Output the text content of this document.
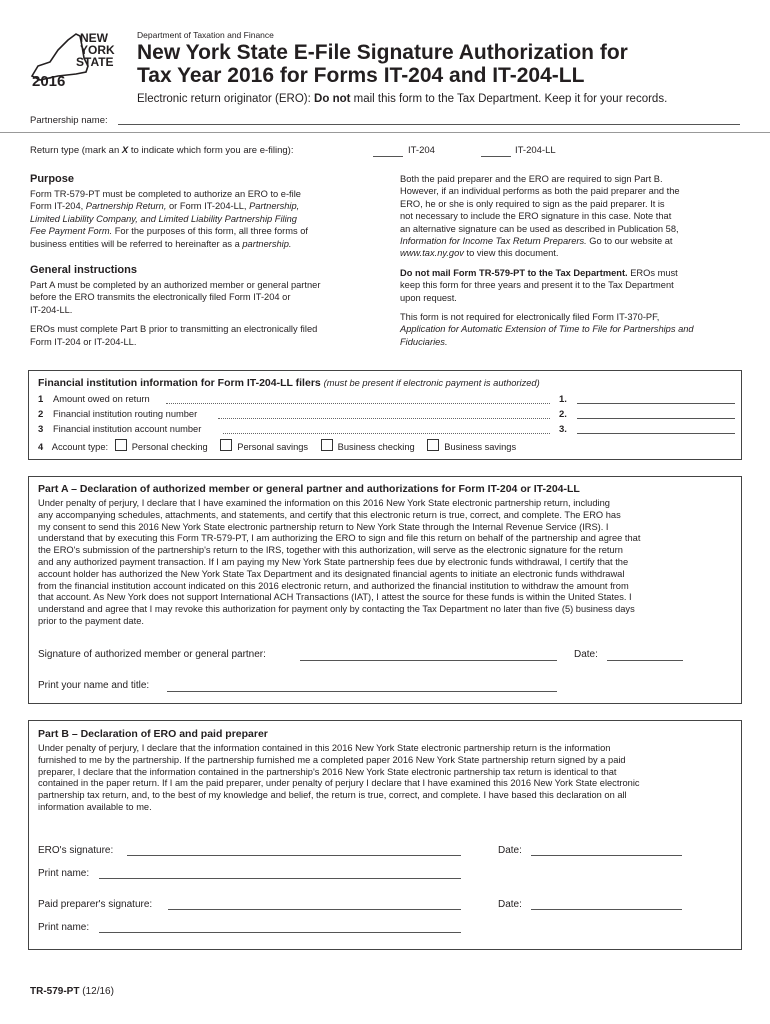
NEW
YORK
STATE
2016
Department of Taxation and Finance
New York State E-File Signature Authorization for
Tax Year 2016 for Forms IT-204 and IT-204-LL
Electronic return originator (ERO): Do not mail this form to the Tax Department. Keep it for your records.
Partnership name:
Return type (mark an X to indicate which form you are e-filing):	IT-204	IT-204-LL
Purpose
Form TR-579-PT must be completed to authorize an ERO to e-file
Form IT-204, Partnership Return, or Form IT-204-LL, Partnership,
Limited Liability Company, and Limited Liability Partnership Filing
Fee Payment Form. For the purposes of this form, all three forms of
business entities will be referred to hereinafter as a partnership.
General instructions
Part A must be completed by an authorized member or general partner
before the ERO transmits the electronically filed Form IT-204 or
IT-204-LL.
EROs must complete Part B prior to transmitting an electronically filed
Form IT-204 or IT-204-LL.
Both the paid preparer and the ERO are required to sign Part B.
However, if an individual performs as both the paid preparer and the
ERO, he or she is only required to sign as the paid preparer. It is
not necessary to include the ERO signature in this case. Note that
an alternative signature can be used as described in Publication 58,
Information for Income Tax Return Preparers. Go to our website at
www.tax.ny.gov to view this document.
Do not mail Form TR-579-PT to the Tax Department. EROs must
keep this form for three years and present it to the Tax Department
upon request.
This form is not required for electronically filed Form IT-370-PF,
Application for Automatic Extension of Time to File for Partnerships and
Fiduciaries.
Financial institution information for Form IT-204-LL filers (must be present if electronic payment is authorized)
1 Amount owed on return	1.
2 Financial institution routing number	2.
3 Financial institution account number	3.
4 Account type:	Personal checking	Personal savings	Business checking	Business savings
Part A – Declaration of authorized member or general partner and authorizations for Form IT-204 or IT-204-LL
Under penalty of perjury, I declare that I have examined the information on this 2016 New York State electronic partnership return, including
any accompanying schedules, attachments, and statements, and certify that this electronic return is true, correct, and complete. The ERO has
my consent to send this 2016 New York State electronic partnership return to New York State through the Internal Revenue Service (IRS). I
understand that by executing this Form TR-579-PT, I am authorizing the ERO to sign and file this return on behalf of the partnership and agree that
the ERO's submission of the partnership's return to the IRS, together with this authorization, will serve as the electronic signature for the return
and any authorized payment transaction. If I am paying my New York State partnership fees due by electronic funds withdrawal, I certify that the
account holder has authorized the New York State Tax Department and its designated financial agents to initiate an electronic funds withdrawal
from the financial institution account indicated on this 2016 electronic return, and authorized the financial institution to withdraw the amount from
that account. As New York does not support International ACH Transactions (IAT), I attest the source for these funds is within the United States. I
understand and agree that I may revoke this authorization for payment only by contacting the Tax Department no later than five (5) business days
prior to the payment date.
Signature of authorized member or general partner:	Date:
Print your name and title:
Part B – Declaration of ERO and paid preparer
Under penalty of perjury, I declare that the information contained in this 2016 New York State electronic partnership return is the information
furnished to me by the partnership. If the partnership furnished me a completed paper 2016 New York State partnership return signed by a paid
preparer, I declare that the information contained in the partnership's 2016 New York State electronic partnership tax return is identical to that
contained in the paper return. If I am the paid preparer, under penalty of perjury I declare that I have examined this 2016 New York State electronic
partnership tax return, and, to the best of my knowledge and belief, the return is true, correct, and complete. I have based this declaration on all
information available to me.
ERO's signature:	Date:
Print name:
Paid preparer's signature:	Date:
Print name:
TR-579-PT (12/16)
